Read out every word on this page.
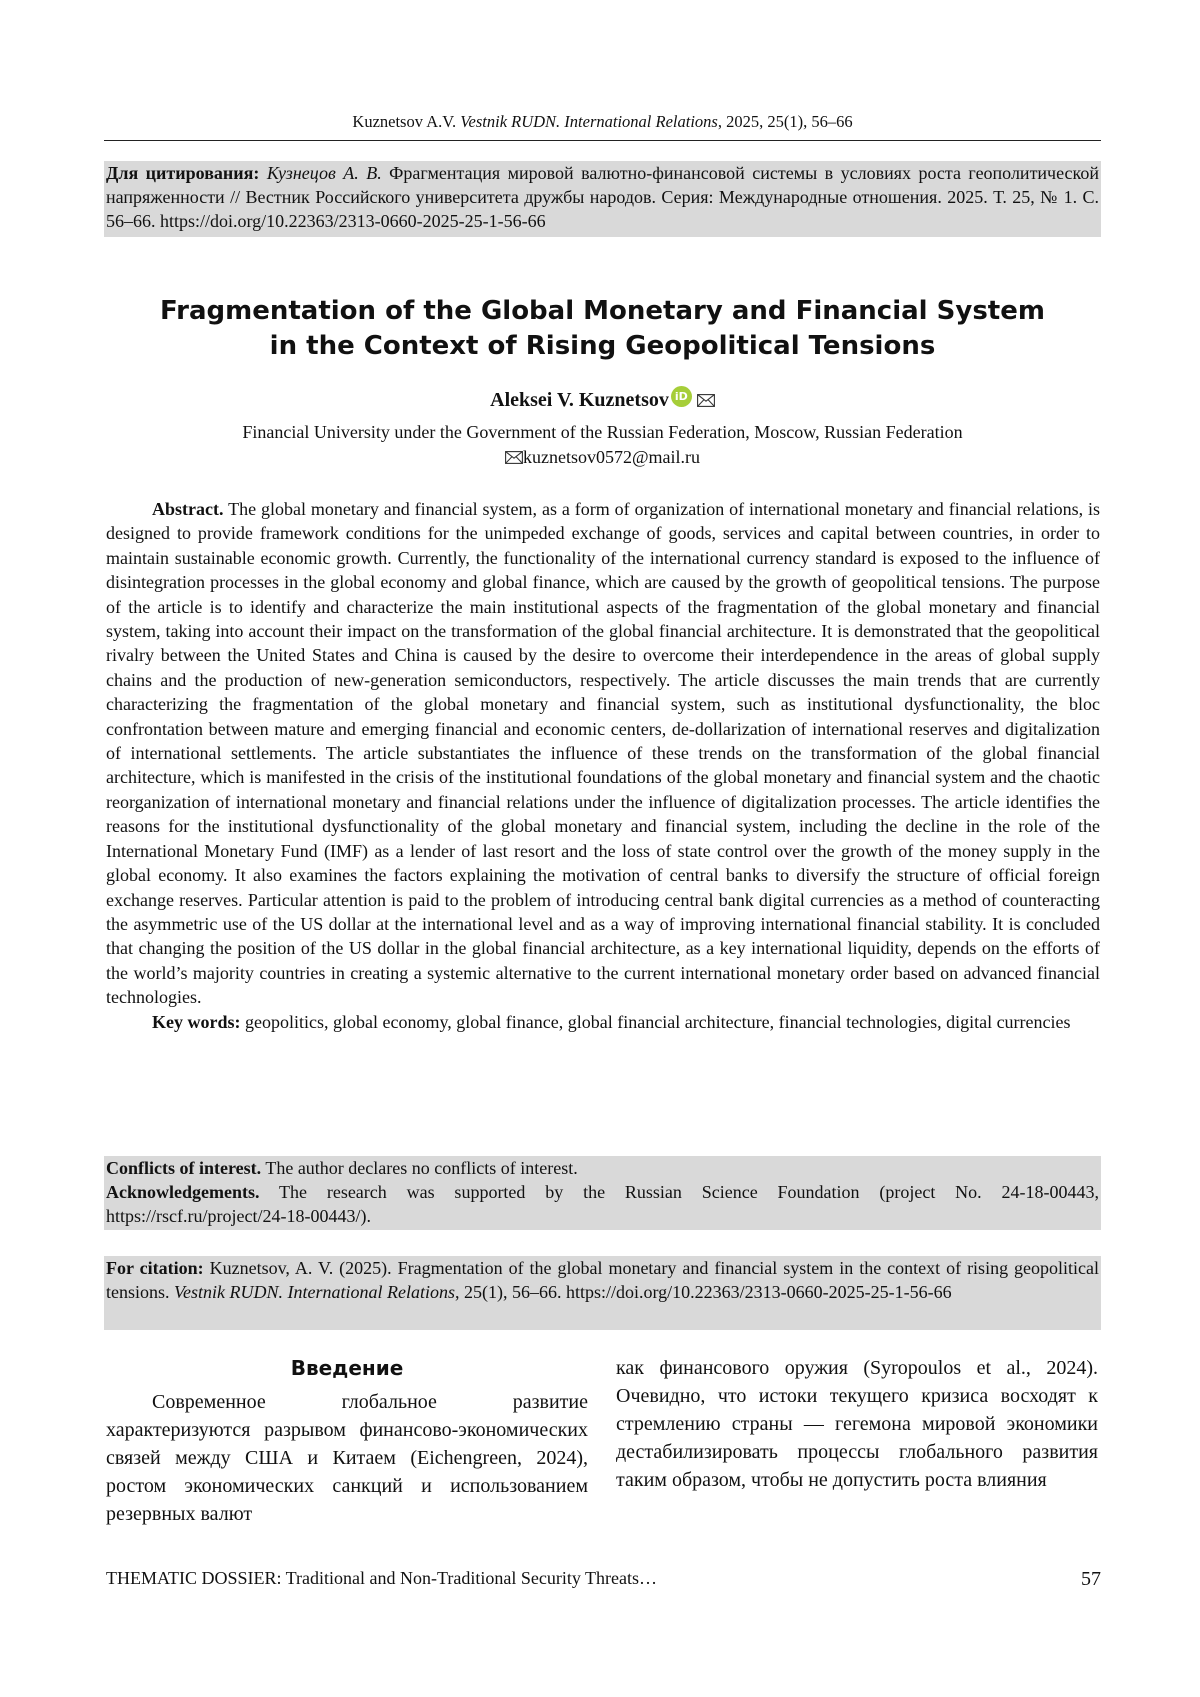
Kuznetsov A.V. Vestnik RUDN. International Relations, 2025, 25(1), 56–66
Для цитирования: Кузнецов А. В. Фрагментация мировой валютно-финансовой системы в условиях роста геополитической напряженности // Вестник Российского университета дружбы народов. Серия: Международные отношения. 2025. Т. 25, № 1. С. 56–66. https://doi.org/10.22363/2313-0660-2025-25-1-56-66
Fragmentation of the Global Monetary and Financial System
in the Context of Rising Geopolitical Tensions
Aleksei V. Kuznetsov iD
Financial University under the Government of the Russian Federation, Moscow, Russian Federation
kuznetsov0572@mail.ru

Abstract. The global monetary and financial system, as a form of organization of international monetary and financial relations, is designed to provide framework conditions for the unimpeded exchange of goods, services and capital between countries, in order to maintain sustainable economic growth. Currently, the functionality of the international currency standard is exposed to the influence of disintegration processes in the global economy and global finance, which are caused by the growth of geopolitical tensions. The purpose of the article is to identify and characterize the main institutional aspects of the fragmentation of the global monetary and financial system, taking into account their impact on the transformation of the global financial architecture. It is demonstrated that the geopolitical rivalry between the United States and China is caused by the desire to overcome their interdependence in the areas of global supply chains and the production of new-generation semiconductors, respectively. The article discusses the main trends that are currently characterizing the fragmentation of the global monetary and financial system, such as institutional dysfunctionality, the bloc confrontation between mature and emerging financial and economic centers, de-dollarization of international reserves and digitalization of international settlements. The article substantiates the influence of these trends on the transformation of the global financial architecture, which is manifested in the crisis of the institutional foundations of the global monetary and financial system and the chaotic reorganization of international monetary and financial relations under the influence of digitalization processes. The article identifies the reasons for the institutional dysfunctionality of the global monetary and financial system, including the decline in the role of the International Monetary Fund (IMF) as a lender of last resort and the loss of state control over the growth of the money supply in the global economy. It also examines the factors explaining the motivation of central banks to diversify the structure of official foreign exchange reserves. Particular attention is paid to the problem of introducing central bank digital currencies as a method of counteracting the asymmetric use of the US dollar at the international level and as a way of improving international financial stability. It is concluded that changing the position of the US dollar in the global financial architecture, as a key international liquidity, depends on the efforts of the world’s majority countries in creating a systemic alternative to the current international monetary order based on advanced financial technologies.

Key words: geopolitics, global economy, global finance, global financial architecture, financial technologies, digital currencies

Conflicts of interest. The author declares no conflicts of interest.
Acknowledgements. The research was supported by the Russian Science Foundation (project No. 24-18-00443, https://rscf.ru/project/24-18-00443/).
For citation: Kuznetsov, A. V. (2025). Fragmentation of the global monetary and financial system in the context of rising geopolitical tensions. Vestnik RUDN. International Relations, 25(1), 56–66. https://doi.org/10.22363/2313-0660-2025-25-1-56-66
Введение

Современное глобальное развитие характеризуются разрывом финансово-экономических связей между США и Китаем (Eichengreen, 2024), ростом экономических санкций и использованием резервных валют

как финансового оружия (Syropoulos et al., 2024). Очевидно, что истоки текущего кризиса восходят к стремлению страны — гегемона мировой экономики дестабилизировать процессы глобального развития таким образом, чтобы не допустить роста влияния

THEMATIC DOSSIER: Traditional and Non-Traditional Security Threats…	57
